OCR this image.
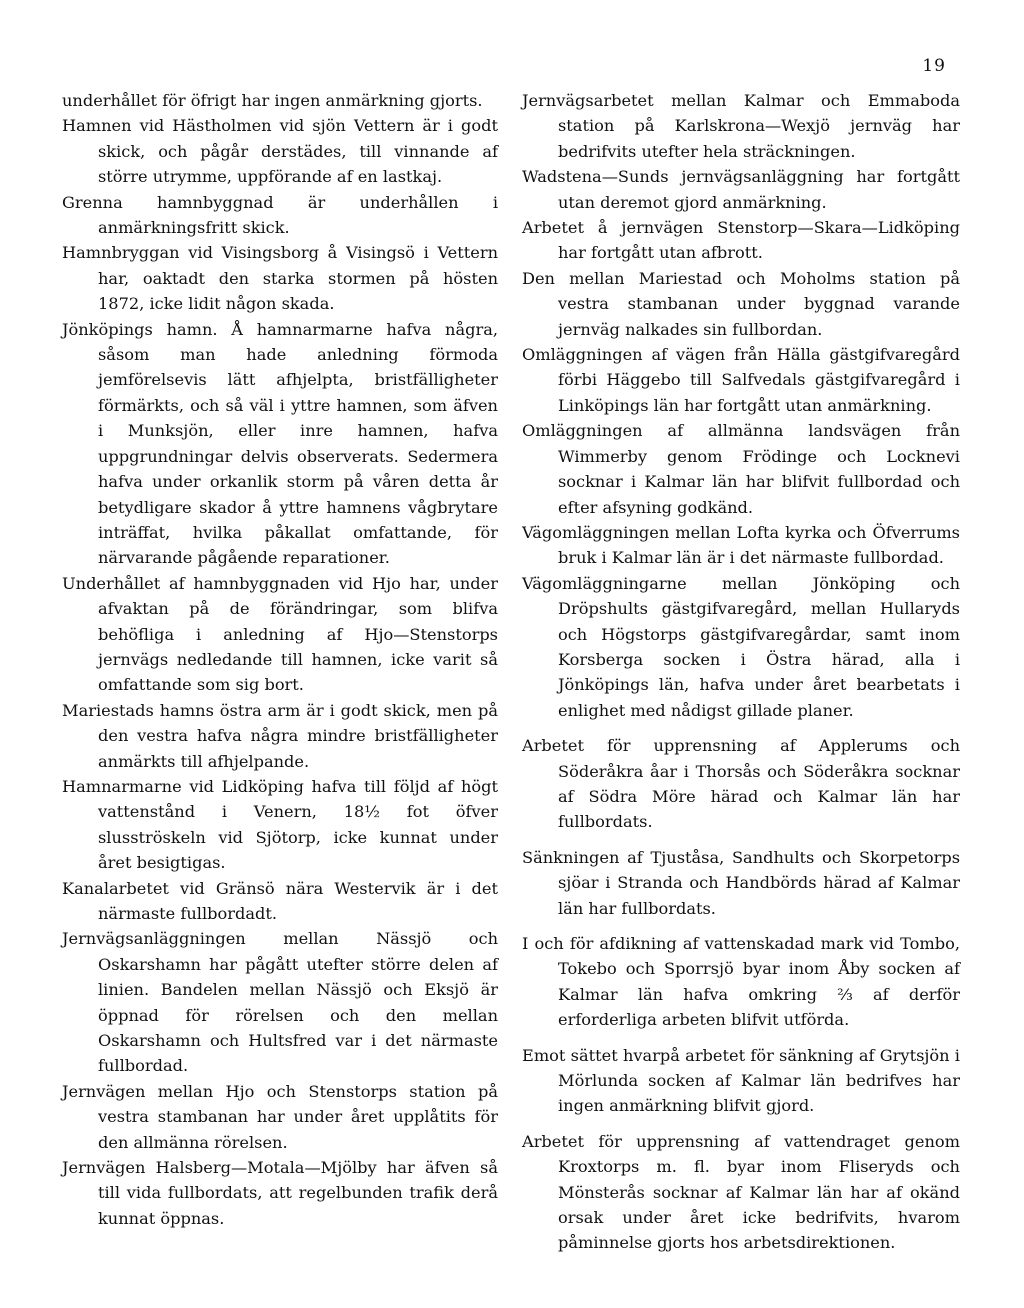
19

underhållet för öfrigt har ingen anmärkning gjorts.

Hamnen vid Hästholmen vid sjön Vettern är i godt skick, och pågår derstädes, till vinnande af större utrymme, uppförande af en lastkaj.

Grenna hamnbyggnad är underhållen i anmärkningsfritt skick.

Hamnbryggan vid Visingsborg å Visingsö i Vettern har, oaktadt den starka stormen på hösten 1872, icke lidit någon skada.

Jönköpings hamn. Å hamnarmarne hafva några, såsom man hade anledning förmoda jemförelsevis lätt afhjelpta, bristfälligheter förmärkts, och så väl i yttre hamnen, som äfven i Munksjön, eller inre hamnen, hafva uppgrundningar delvis observerats. Sedermera hafva under orkanlik storm på våren detta år betydligare skador å yttre hamnens vågbrytare inträffat, hvilka påkallat omfattande, för närvarande pågående reparationer.

Underhållet af hamnbyggnaden vid Hjo har, under afvaktan på de förändringar, som blifva behöfliga i anledning af Hjo—Stenstorps jernvägs nedledande till hamnen, icke varit så omfattande som sig bort.

Mariestads hamns östra arm är i godt skick, men på den vestra hafva några mindre bristfälligheter anmärkts till afhjelpande.

Hamnarmarne vid Lidköping hafva till följd af högt vattenstånd i Venern, 18½ fot öfver slusströskeln vid Sjötorp, icke kunnat under året besigtigas.

Kanalarbetet vid Gränsö nära Westervik är i det närmaste fullbordadt.

Jernvägsanläggningen mellan Nässjö och Oskarshamn har pågått utefter större delen af linien. Bandelen mellan Nässjö och Eksjö är öppnad för rörelsen och den mellan Oskarshamn och Hultsfred var i det närmaste fullbordad.

Jernvägen mellan Hjo och Stenstorps station på vestra stambanan har under året upplåtits för den allmänna rörelsen.

Jernvägen Halsberg—Motala—Mjölby har äfven så till vida fullbordats, att regelbunden trafik derå kunnat öppnas.

Jernvägsarbetet mellan Kalmar och Emmaboda station på Karlskrona—Wexjö jernväg har bedrifvits utefter hela sträckningen.

Wadstena—Sunds jernvägsanläggning har fortgått utan deremot gjord anmärkning.

Arbetet å jernvägen Stenstorp—Skara—Lidköping har fortgått utan afbrott.

Den mellan Mariestad och Moholms station på vestra stambanan under byggnad varande jernväg nalkades sin fullbordan.

Omläggningen af vägen från Hälla gästgifvaregård förbi Häggebo till Salfvedals gästgifvaregård i Linköpings län har fortgått utan anmärkning.

Omläggningen af allmänna landsvägen från Wimmerby genom Frödinge och Locknevi socknar i Kalmar län har blifvit fullbordad och efter afsyning godkänd.

Vägomläggningen mellan Lofta kyrka och Öfverrums bruk i Kalmar län är i det närmaste fullbordad.

Vägomläggningarne mellan Jönköping och Dröpshults gästgifvaregård, mellan Hullaryds och Högstorps gästgifvaregårdar, samt inom Korsberga socken i Östra härad, alla i Jönköpings län, hafva under året bearbetats i enlighet med nådigst gillade planer.

Arbetet för upprensning af Applerums och Söderåkra åar i Thorsås och Söderåkra socknar af Södra Möre härad och Kalmar län har fullbordats.

Sänkningen af Tjuståsa, Sandhults och Skorpetorps sjöar i Stranda och Handbörds härad af Kalmar län har fullbordats.

I och för afdikning af vattenskadad mark vid Tombo, Tokebo och Sporrsjö byar inom Åby socken af Kalmar län hafva omkring ⅔ af derför erforderliga arbeten blifvit utförda.

Emot sättet hvarpå arbetet för sänkning af Grytsjön i Mörlunda socken af Kalmar län bedrifves har ingen anmärkning blifvit gjord.

Arbetet för upprensning af vattendraget genom Kroxtorps m. fl. byar inom Fliseryds och Mönsterås socknar af Kalmar län har af okänd orsak under året icke bedrifvits, hvarom påminnelse gjorts hos arbetsdirektionen.
